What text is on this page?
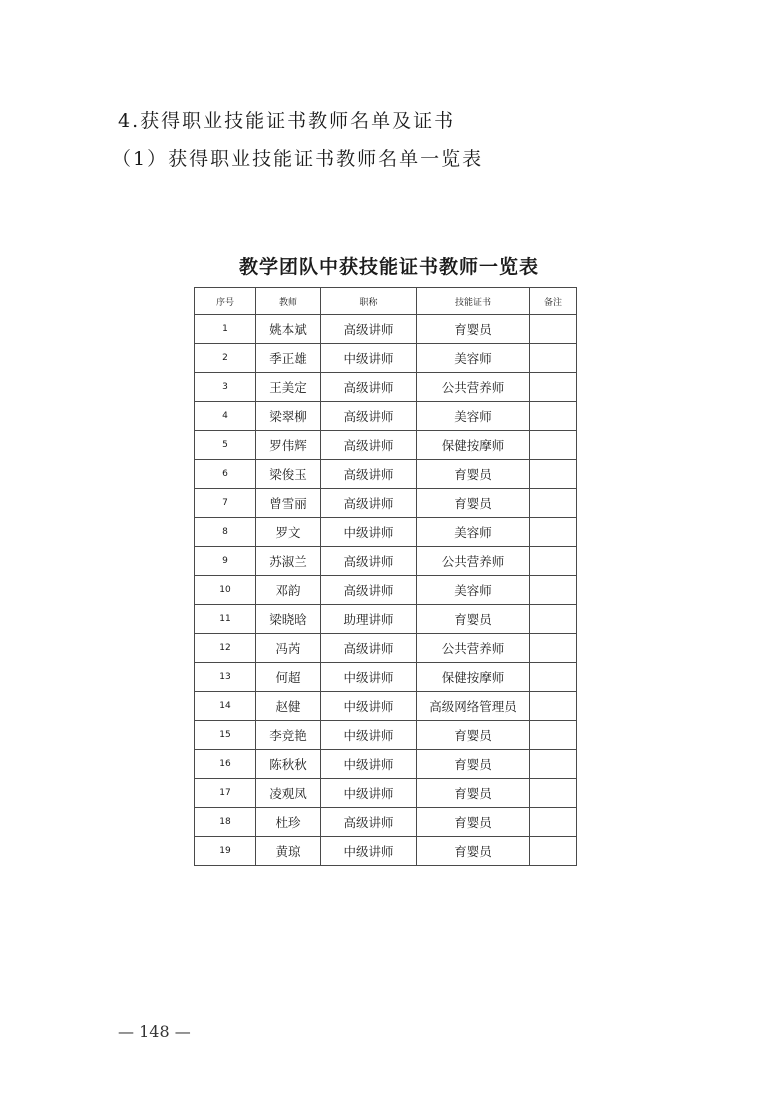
4.获得职业技能证书教师名单及证书
（1）获得职业技能证书教师名单一览表
教学团队中获技能证书教师一览表
序号	教师	职称	技能证书	备注
1	姚本斌	高级讲师	育婴员	
2	季正雄	中级讲师	美容师	
3	王美定	高级讲师	公共营养师	
4	梁翠柳	高级讲师	美容师	
5	罗伟辉	高级讲师	保健按摩师	
6	梁俊玉	高级讲师	育婴员	
7	曾雪丽	高级讲师	育婴员	
8	罗文	中级讲师	美容师	
9	苏淑兰	高级讲师	公共营养师	
10	邓韵	高级讲师	美容师	
11	梁晓晗	助理讲师	育婴员	
12	冯芮	高级讲师	公共营养师	
13	何超	中级讲师	保健按摩师	
14	赵健	中级讲师	高级网络管理员	
15	李竞艳	中级讲师	育婴员	
16	陈秋秋	中级讲师	育婴员	
17	凌观凤	中级讲师	育婴员	
18	杜珍	高级讲师	育婴员	
19	黄琼	中级讲师	育婴员	
— 148 —
